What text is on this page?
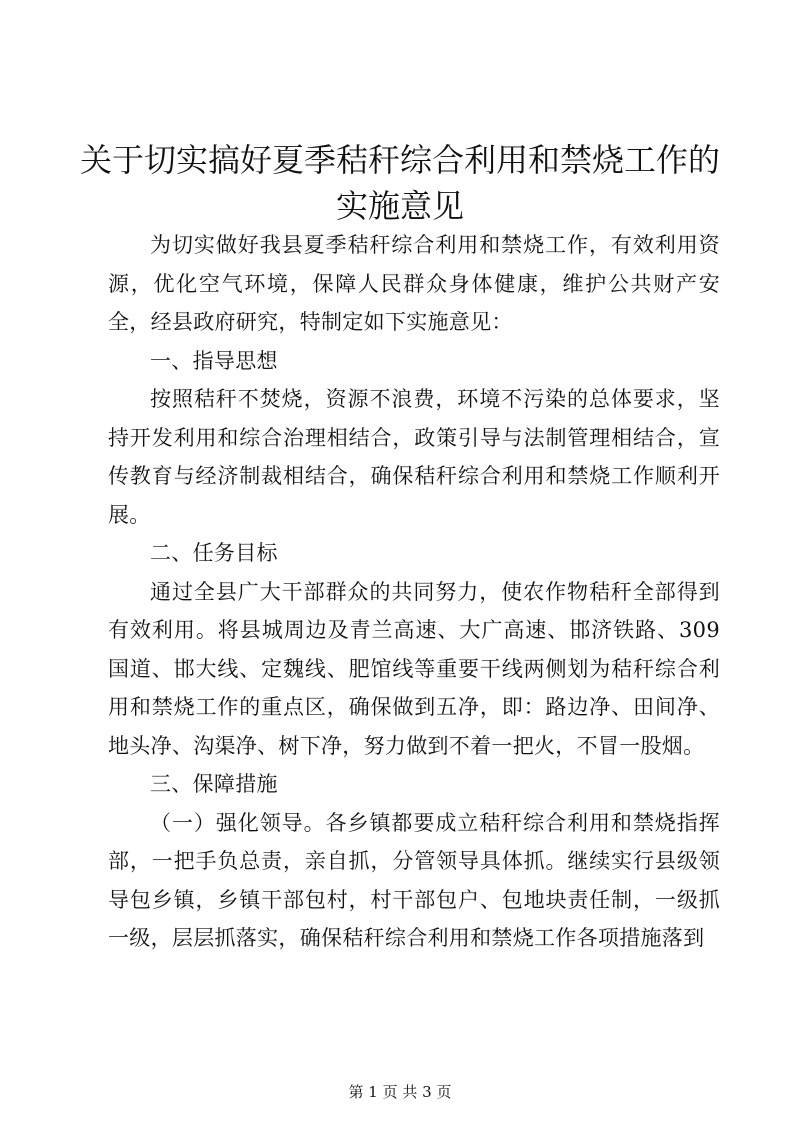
关于切实搞好夏季秸秆综合利用和禁烧工作的
实施意见

为切实做好我县夏季秸秆综合利用和禁烧工作，有效利用资源，优化空气环境，保障人民群众身体健康，维护公共财产安全，经县政府研究，特制定如下实施意见：

一、指导思想

按照秸秆不焚烧，资源不浪费，环境不污染的总体要求，坚持开发利用和综合治理相结合，政策引导与法制管理相结合，宣传教育与经济制裁相结合，确保秸秆综合利用和禁烧工作顺利开展。

二、任务目标

通过全县广大干部群众的共同努力，使农作物秸秆全部得到有效利用。将县城周边及青兰高速、大广高速、邯济铁路、309国道、邯大线、定魏线、肥馆线等重要干线两侧划为秸秆综合利用和禁烧工作的重点区，确保做到五净，即：路边净、田间净、地头净、沟渠净、树下净，努力做到不着一把火，不冒一股烟。

三、保障措施

（一）强化领导。各乡镇都要成立秸秆综合利用和禁烧指挥部，一把手负总责，亲自抓，分管领导具体抓。继续实行县级领导包乡镇，乡镇干部包村，村干部包户、包地块责任制，一级抓一级，层层抓落实，确保秸秆综合利用和禁烧工作各项措施落到

第 1 页 共 3 页
